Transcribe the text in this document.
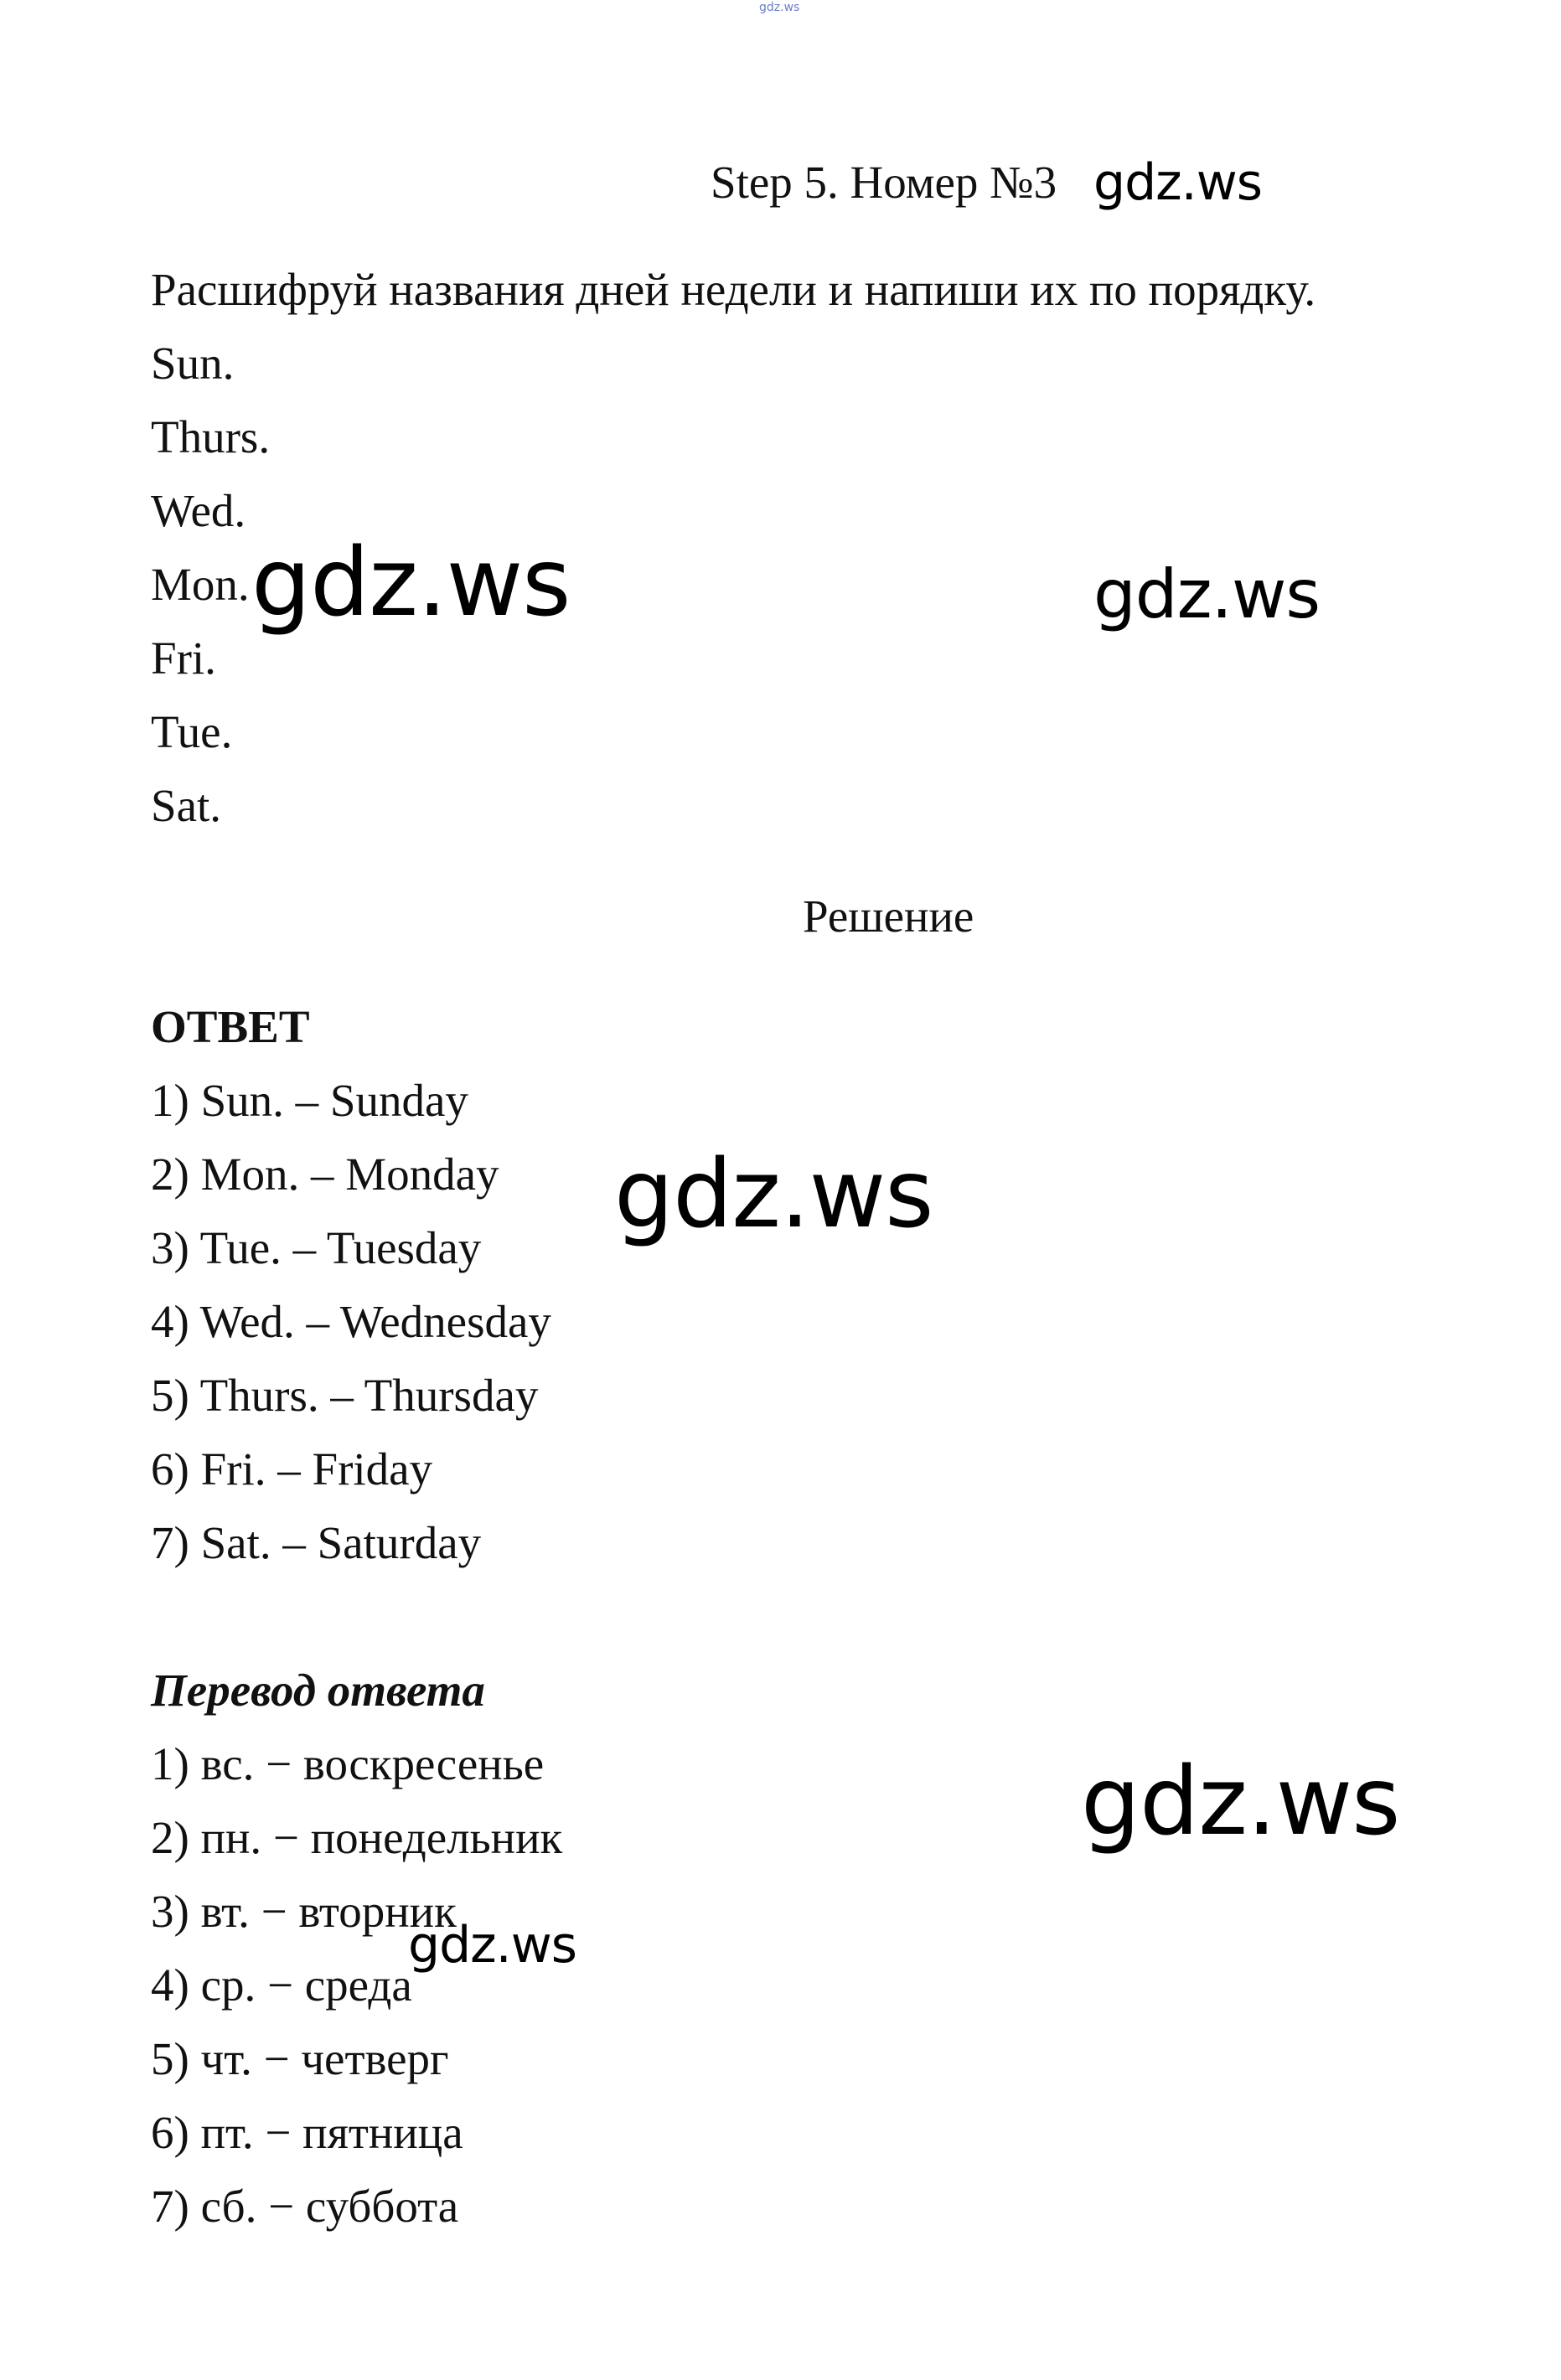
gdz.ws
Step 5. Номер №3 gdz.ws
Расшифруй названия дней недели и напиши их по порядку.
Sun.
Thurs.
Wed.
Mon.
Fri.
Tue.
Sat.
gdz.ws	gdz.ws
Решение
ОТВЕТ
1) Sun. – Sunday
2) Mon. – Monday
3) Tue. – Tuesday
4) Wed. – Wednesday
5) Thurs. – Thursday
6) Fri. – Friday
7) Sat. – Saturday
gdz.ws
Перевод ответа
1) вс. − воскресенье
2) пн. − понедельник
3) вт. − вторник
4) ср. − среда
5) чт. − четверг
6) пт. − пятница
7) сб. − суббота
gdz.ws
gdz.ws
